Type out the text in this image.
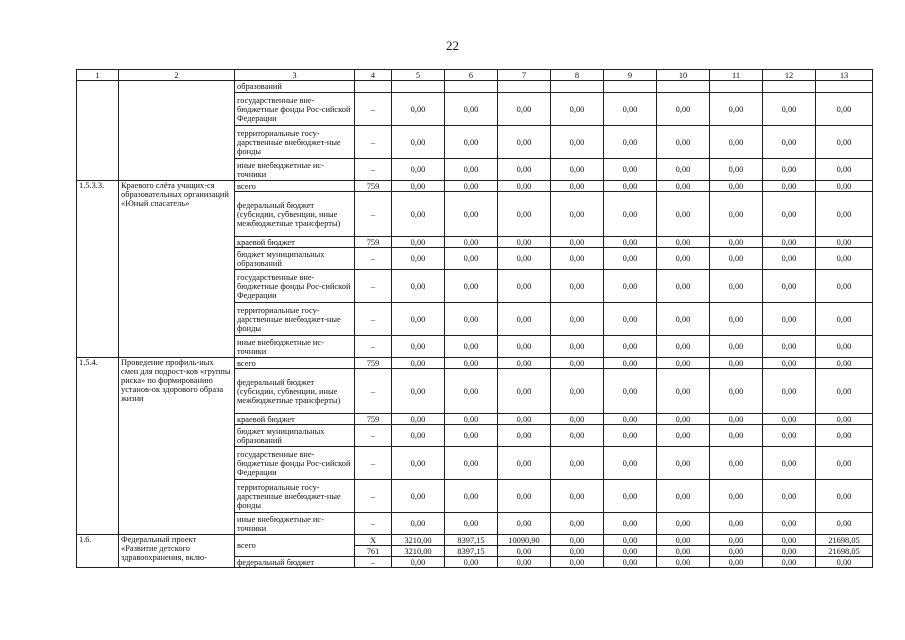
22
1	2	3	4	5	6	7	8	9	10	11	12	13
		образований										
		государственные вне-бюджетные фонды Рос-сийской Федерации	–	0,00	0,00	0,00	0,00	0,00	0,00	0,00	0,00	0,00
		территориальные госу-дарственные внебюджет-ные фонды	–	0,00	0,00	0,00	0,00	0,00	0,00	0,00	0,00	0,00
		иные внебюджетные ис-точники	–	0,00	0,00	0,00	0,00	0,00	0,00	0,00	0,00	0,00
1.5.3.3.	Краевого слёта учащих-ся образовательных организаций «Юный спасатель»	всего	759	0,00	0,00	0,00	0,00	0,00	0,00	0,00	0,00	0,00
		федеральный бюджет (субсидии, субвенции, иные межбюджетные трансферты)	–	0,00	0,00	0,00	0,00	0,00	0,00	0,00	0,00	0,00
		краевой бюджет	759	0,00	0,00	0,00	0,00	0,00	0,00	0,00	0,00	0,00
		бюджет муниципальных образований	–	0,00	0,00	0,00	0,00	0,00	0,00	0,00	0,00	0,00
		государственные вне-бюджетные фонды Рос-сийской Федерации	–	0,00	0,00	0,00	0,00	0,00	0,00	0,00	0,00	0,00
		территориальные госу-дарственные внебюджет-ные фонды	–	0,00	0,00	0,00	0,00	0,00	0,00	0,00	0,00	0,00
		иные внебюджетные ис-точники	–	0,00	0,00	0,00	0,00	0,00	0,00	0,00	0,00	0,00
1.5.4.	Проведение профиль-ных смен для подрост-ков «группы риска» по формированию установ-ок здорового образа жизни	всего	759	0,00	0,00	0,00	0,00	0,00	0,00	0,00	0,00	0,00
		федеральный бюджет (субсидии, субвенции, иные межбюджетные трансферты)	–	0,00	0,00	0,00	0,00	0,00	0,00	0,00	0,00	0,00
		краевой бюджет	759	0,00	0,00	0,00	0,00	0,00	0,00	0,00	0,00	0,00
		бюджет муниципальных образований	–	0,00	0,00	0,00	0,00	0,00	0,00	0,00	0,00	0,00
		государственные вне-бюджетные фонды Рос-сийской Федерации	–	0,00	0,00	0,00	0,00	0,00	0,00	0,00	0,00	0,00
		территориальные госу-дарственные внебюджет-ные фонды	–	0,00	0,00	0,00	0,00	0,00	0,00	0,00	0,00	0,00
		иные внебюджетные ис-точники	–	0,00	0,00	0,00	0,00	0,00	0,00	0,00	0,00	0,00
1.6.	Федеральный проект «Развитие детского здравоохранения, вклю-	всего	X	3210,00	8397,15	10090,90	0,00	0,00	0,00	0,00	0,00	21698,05
			761	3210,00	8397,15	0,00	0,00	0,00	0,00	0,00	0,00	21698,05
		федеральный бюджет	–	0,00	0,00	0,00	0,00	0,00	0,00	0,00	0,00	0,00
